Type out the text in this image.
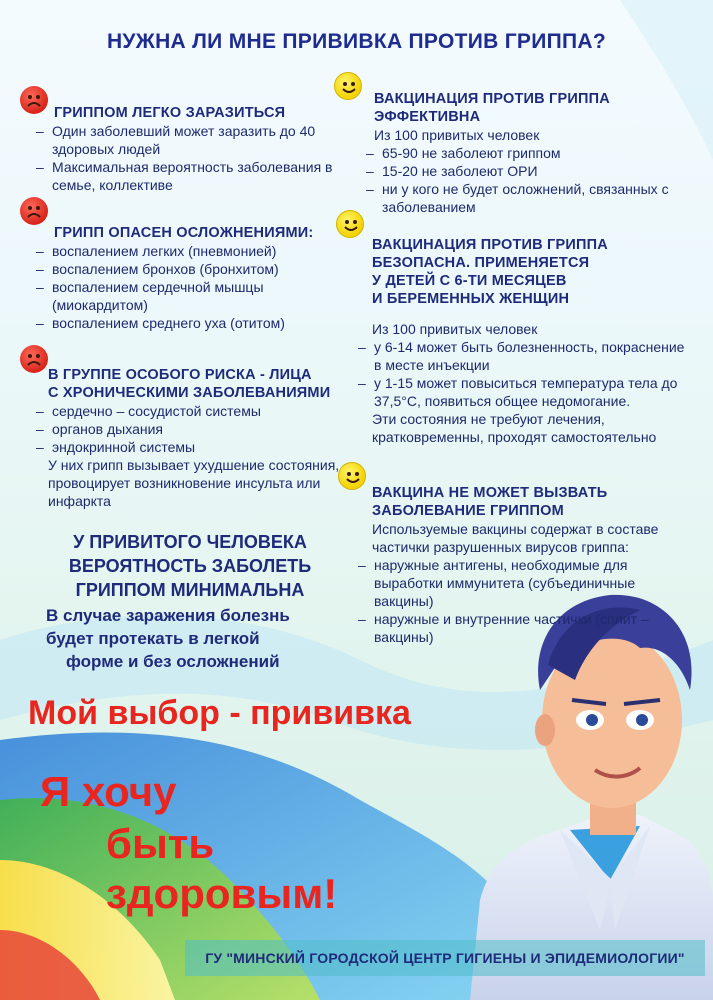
НУЖНА ЛИ МНЕ ПРИВИВКА ПРОТИВ ГРИППА?
ГРИППОМ ЛЕГКО ЗАРАЗИТЬСЯ
– Один заболевший может заразить до 40 здоровых людей
– Максимальная вероятность заболевания в семье, коллективе
ГРИПП ОПАСЕН ОСЛОЖНЕНИЯМИ:
– воспалением легких (пневмонией)
– воспалением бронхов (бронхитом)
– воспалением сердечной мышцы (миокардитом)
– воспалением среднего уха (отитом)
В ГРУППЕ ОСОБОГО РИСКА - ЛИЦА
С ХРОНИЧЕСКИМИ ЗАБОЛЕВАНИЯМИ
– сердечно – сосудистой системы
– органов дыхания
– эндокринной системы

У них грипп вызывает ухудшение состояния, провоцирует возникновение инсульта или инфаркта

ВАКЦИНАЦИЯ ПРОТИВ ГРИППА
ЭФФЕКТИВНА

Из 100 привитых человек

– 65-90 не заболеют гриппом
– 15-20 не заболеют ОРИ
– ни у кого не будет осложнений, связанных с заболеванием
ВАКЦИНАЦИЯ ПРОТИВ ГРИППА
БЕЗОПАСНА. ПРИМЕНЯЕТСЯ
У ДЕТЕЙ С 6-ТИ МЕСЯЦЕВ
И БЕРЕМЕННЫХ ЖЕНЩИН

Из 100 привитых человек

– у 6-14 может быть болезненность, покраснение в месте инъекции
– у 1-15 может повыситься температура тела до 37,5°С, появиться общее недомогание.

Эти состояния не требуют лечения, кратковременны, проходят самостоятельно

ВАКЦИНА НЕ МОЖЕТ ВЫЗВАТЬ
ЗАБОЛЕВАНИЕ ГРИППОМ

Используемые вакцины содержат в составе частички разрушенных вирусов гриппа:

– наружные антигены, необходимые для выработки иммунитета (субъединичные вакцины)
– наружные и внутренние частички (сплит – вакцины)
У ПРИВИТОГО ЧЕЛОВЕКА
ВЕРОЯТНОСТЬ ЗАБОЛЕТЬ
ГРИППОМ МИНИМАЛЬНА
В случае заражения болезнь
будет протекать в легкой
форме и без осложнений
Мой выбор - прививка
Я хочу
быть
здоровым!
ГУ "МИНСКИЙ ГОРОДСКОЙ ЦЕНТР ГИГИЕНЫ И ЭПИДЕМИОЛОГИИ"
